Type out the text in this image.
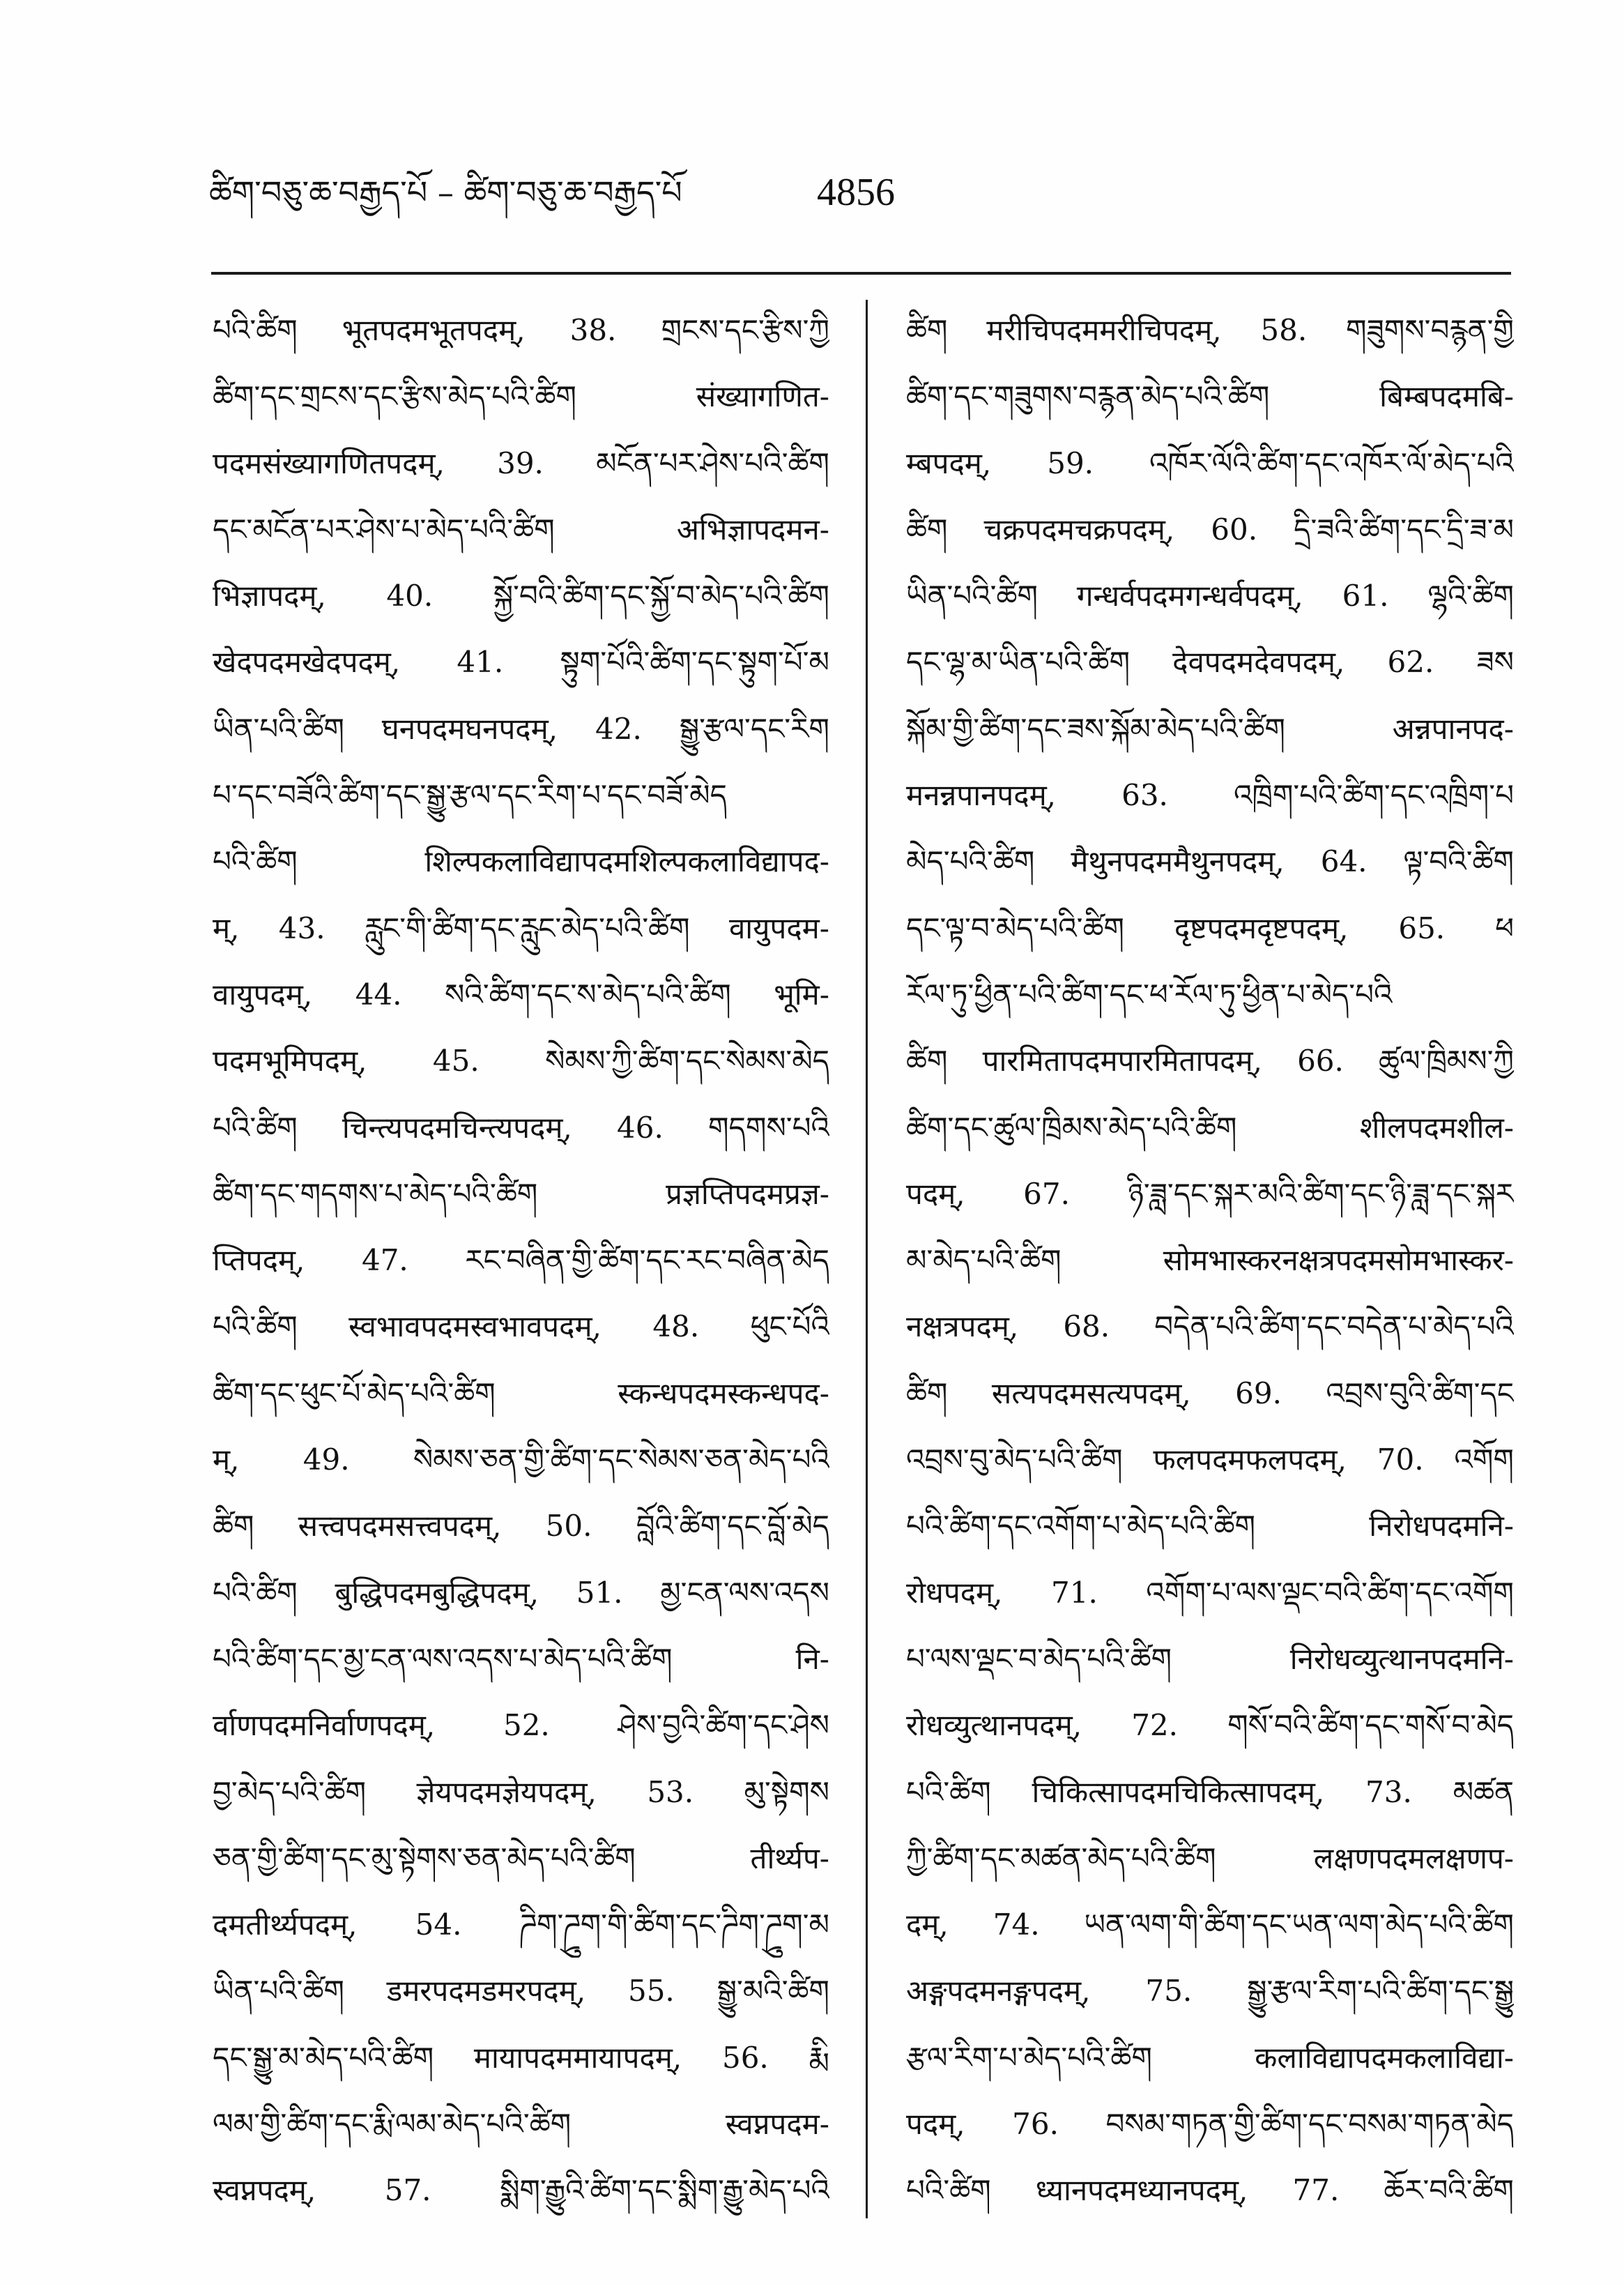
ཚིག་བཅུ་ཆ་བརྒྱད་པོ – ཚིག་བཅུ་ཆ་བརྒྱད་པོ	4856
པའི་ཚིག भूतपदमभूतपदम्, 38. གྲངས་དང་རྩིས་ཀྱི
ཚིག་དང་གྲངས་དང་རྩིས་མེད་པའི་ཚིག संख्यागणित-
पदमसंख्यागणितपदम्, 39. མངོན་པར་ཤེས་པའི་ཚིག
དང་མངོན་པར་ཤེས་པ་མེད་པའི་ཚིག अभिज्ञापदमन-
भिज्ञापदम्, 40. སྐྱོ་བའི་ཚིག་དང་སྐྱོ་བ་མེད་པའི་ཚིག
खेदपदमखेदपदम्, 41. སྟུག་པོའི་ཚིག་དང་སྟུག་པོ་མ
ཡིན་པའི་ཚིག घनपदमघनपदम्, 42. སྒྱུ་རྩལ་དང་རིག
པ་དང་བཟོའི་ཚིག་དང་སྒྱུ་རྩལ་དང་རིག་པ་དང་བཟོ་མེད
པའི་ཚིག शिल्पकलाविद्यापदमशिल्पकलाविद्यापद-
म्, 43. རླུང་གི་ཚིག་དང་རླུང་མེད་པའི་ཚིག वायुपदम-
वायुपदम्, 44. སའི་ཚིག་དང་ས་མེད་པའི་ཚིག भूमि-
पदमभूमिपदम्, 45. སེམས་ཀྱི་ཚིག་དང་སེམས་མེད
པའི་ཚིག चिन्त्यपदमचिन्त्यपदम्, 46. གདགས་པའི
ཚིག་དང་གདགས་པ་མེད་པའི་ཚིག प्रज्ञप्तिपदमप्रज्ञ-
प्तिपदम्, 47. རང་བཞིན་གྱི་ཚིག་དང་རང་བཞིན་མེད
པའི་ཚིག स्वभावपदमस्वभावपदम्, 48. ཕུང་པོའི
ཚིག་དང་ཕུང་པོ་མེད་པའི་ཚིག स्कन्धपदमस्कन्धपद-
म्, 49. སེམས་ཅན་གྱི་ཚིག་དང་སེམས་ཅན་མེད་པའི
ཚིག सत्त्वपदमसत्त्वपदम्, 50. བློའི་ཚིག་དང་བློ་མེད
པའི་ཚིག बुद्धिपदमबुद्धिपदम्, 51. མྱ་ངན་ལས་འདས
པའི་ཚིག་དང་མྱ་ངན་ལས་འདས་པ་མེད་པའི་ཚིག नि-
र्वाणपदमनिर्वाणपदम्, 52. ཤེས་བྱའི་ཚིག་དང་ཤེས
བྱ་མེད་པའི་ཚིག ज्ञेयपदमज्ञेयपदम्, 53. མུ་སྟེགས
ཅན་གྱི་ཚིག་དང་མུ་སྟེགས་ཅན་མེད་པའི་ཚིག तीर्थ्यप-
दमतीर्थ्यपदम्, 54. ཌིག་ཌྲུག་གི་ཚིག་དང་ཌིག་ཌྲུག་མ
ཡིན་པའི་ཚིག डमरपदमडमरपदम्, 55. སྒྱུ་མའི་ཚིག
དང་སྒྱུ་མ་མེད་པའི་ཚིག मायापदममायापदम्, 56. རྨི
ལམ་གྱི་ཚིག་དང་རྨི་ལམ་མེད་པའི་ཚིག स्वप्नपदम-
स्वप्नपदम्, 57. སྨིག་རྒྱུའི་ཚིག་དང་སྨིག་རྒྱུ་མེད་པའི
ཚིག मरीचिपदममरीचिपदम्, 58. གཟུགས་བརྙན་གྱི
ཚིག་དང་གཟུགས་བརྙན་མེད་པའི་ཚིག बिम्बपदमबि-
म्बपदम्, 59. འཁོར་ལོའི་ཚིག་དང་འཁོར་ལོ་མེད་པའི
ཚིག चक्रपदमचक्रपदम्, 60. དྲི་ཟའི་ཚིག་དང་དྲི་ཟ་མ
ཡིན་པའི་ཚིག गन्धर्वपदमगन्धर्वपदम्, 61. ལྷའི་ཚིག
དང་ལྷ་མ་ཡིན་པའི་ཚིག देवपदमदेवपदम्, 62. ཟས
སྐོམ་གྱི་ཚིག་དང་ཟས་སྐོམ་མེད་པའི་ཚིག अन्नपानपद-
मनन्नपानपदम्, 63. འཁྲིག་པའི་ཚིག་དང་འཁྲིག་པ
མེད་པའི་ཚིག मैथुनपदममैथुनपदम्, 64. ལྟ་བའི་ཚིག
དང་ལྟ་བ་མེད་པའི་ཚིག दृष्टपदमदृष्टपदम्, 65. ཕ
རོལ་ཏུ་ཕྱིན་པའི་ཚིག་དང་ཕ་རོལ་ཏུ་ཕྱིན་པ་མེད་པའི
ཚིག पारमितापदमपारमितापदम्, 66. ཚུལ་ཁྲིམས་ཀྱི
ཚིག་དང་ཚུལ་ཁྲིམས་མེད་པའི་ཚིག शीलपदमशील-
पदम्, 67. ཉི་ཟླ་དང་སྐར་མའི་ཚིག་དང་ཉི་ཟླ་དང་སྐར
མ་མེད་པའི་ཚིག सोमभास्करनक्षत्रपदमसोमभास्कर-
नक्षत्रपदम्, 68. བདེན་པའི་ཚིག་དང་བདེན་པ་མེད་པའི
ཚིག सत्यपदमसत्यपदम्, 69. འབྲས་བུའི་ཚིག་དང
འབྲས་བུ་མེད་པའི་ཚིག फलपदमफलपदम्, 70. འགོག
པའི་ཚིག་དང་འགོག་པ་མེད་པའི་ཚིག निरोधपदमनि-
रोधपदम्, 71. འགོག་པ་ལས་ལྡང་བའི་ཚིག་དང་འགོག
པ་ལས་ལྡང་བ་མེད་པའི་ཚིག निरोधव्युत्थानपदमनि-
रोधव्युत्थानपदम्, 72. གསོ་བའི་ཚིག་དང་གསོ་བ་མེད
པའི་ཚིག चिकित्सापदमचिकित्सापदम्, 73. མཚན
ཀྱི་ཚིག་དང་མཚན་མེད་པའི་ཚིག लक्षणपदमलक्षणप-
दम्, 74. ཡན་ལག་གི་ཚིག་དང་ཡན་ལག་མེད་པའི་ཚིག
अङ्गपदमनङ्गपदम्, 75. སྒྱུ་རྩལ་རིག་པའི་ཚིག་དང་སྒྱུ
རྩལ་རིག་པ་མེད་པའི་ཚིག कलाविद्यापदमकलाविद्या-
पदम्, 76. བསམ་གཏན་གྱི་ཚིག་དང་བསམ་གཏན་མེད
པའི་ཚིག ध्यानपदमध्यानपदम्, 77. ཆོར་བའི་ཚིག
